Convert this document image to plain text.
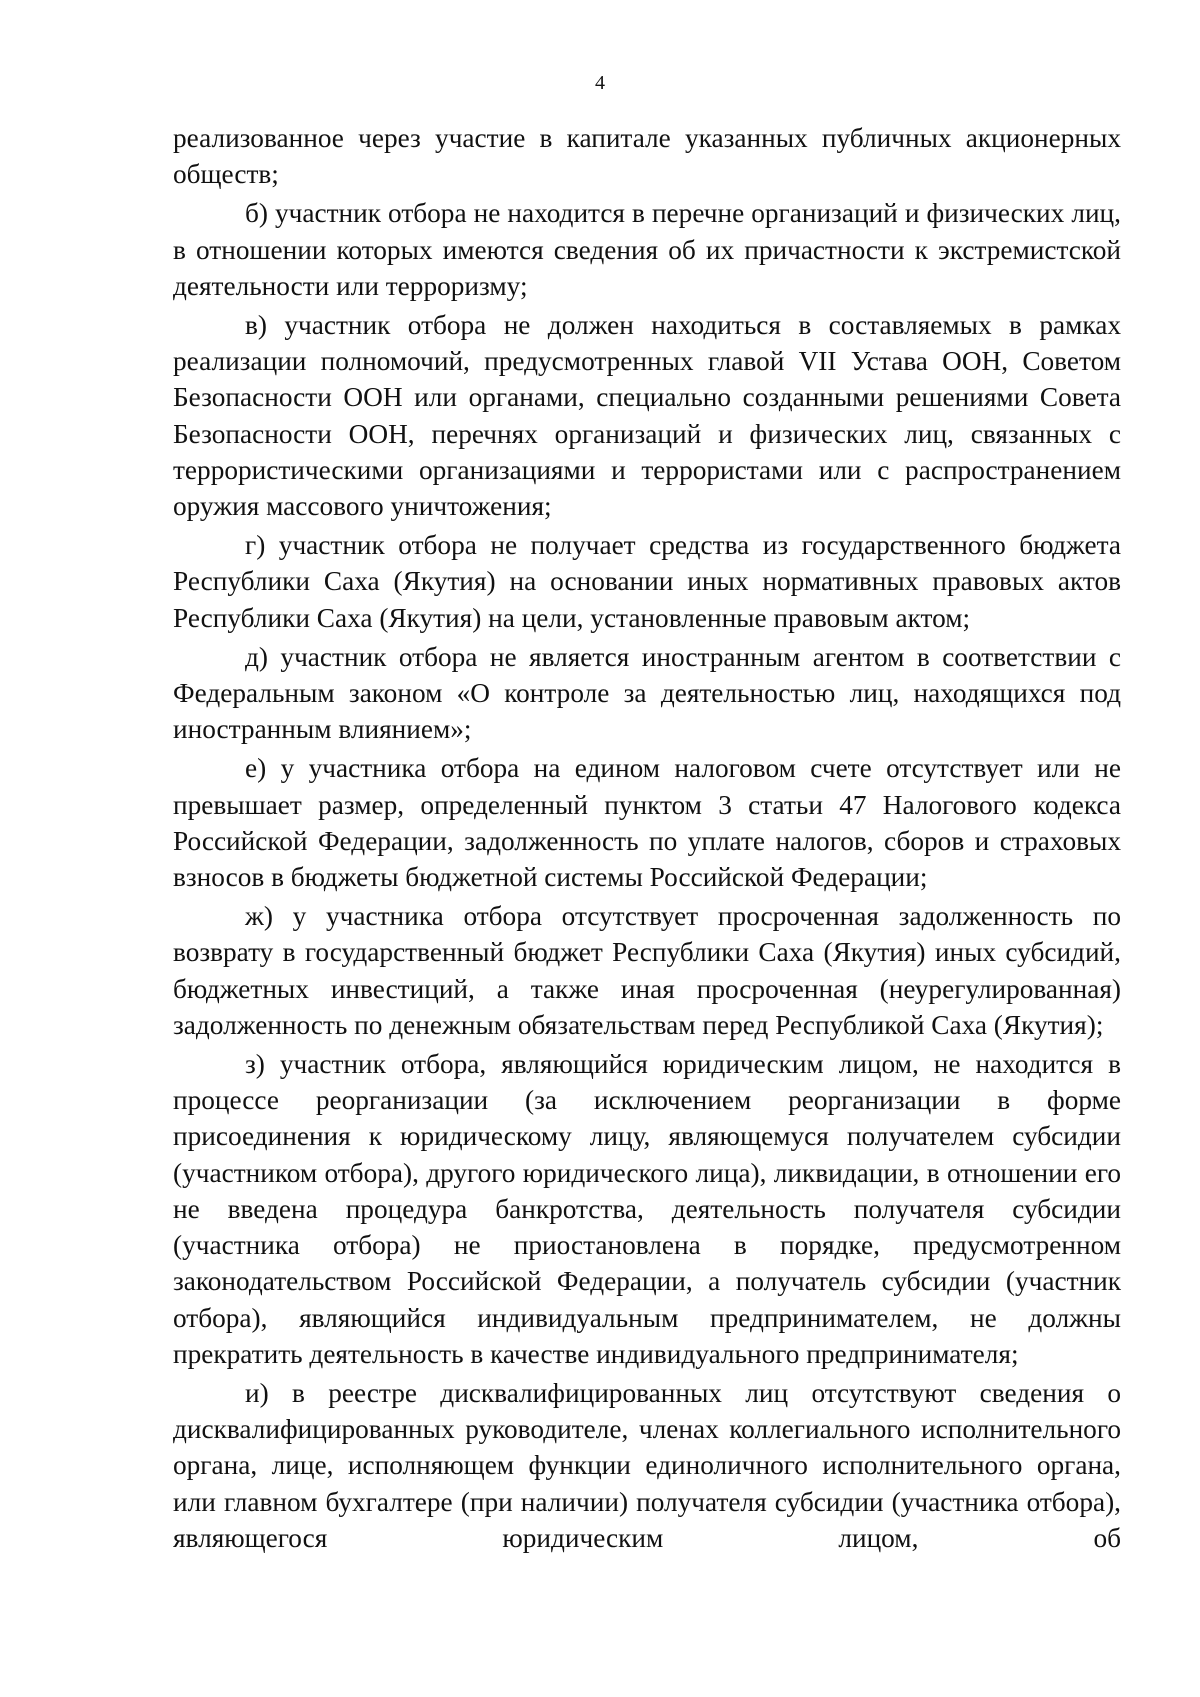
4

реализованное через участие в капитале указанных публичных акционерных обществ;

б) участник отбора не находится в перечне организаций и физических лиц, в отношении которых имеются сведения об их причастности к экстремистской деятельности или терроризму;

в) участник отбора не должен находиться в составляемых в рамках реализации полномочий, предусмотренных главой VII Устава ООН, Советом Безопасности ООН или органами, специально созданными решениями Совета Безопасности ООН, перечнях организаций и физических лиц, связанных с террористическими организациями и террористами или с распространением оружия массового уничтожения;

г) участник отбора не получает средства из государственного бюджета Республики Саха (Якутия) на основании иных нормативных правовых актов Республики Саха (Якутия) на цели, установленные правовым актом;

д) участник отбора не является иностранным агентом в соответствии с Федеральным законом «О контроле за деятельностью лиц, находящихся под иностранным влиянием»;

е) у участника отбора на едином налоговом счете отсутствует или не превышает размер, определенный пунктом 3 статьи 47 Налогового кодекса Российской Федерации, задолженность по уплате налогов, сборов и страховых взносов в бюджеты бюджетной системы Российской Федерации;

ж) у участника отбора отсутствует просроченная задолженность по возврату в государственный бюджет Республики Саха (Якутия) иных субсидий, бюджетных инвестиций, а также иная просроченная (неурегулированная) задолженность по денежным обязательствам перед Республикой Саха (Якутия);

з) участник отбора, являющийся юридическим лицом, не находится в процессе реорганизации (за исключением реорганизации в форме присоединения к юридическому лицу, являющемуся получателем субсидии (участником отбора), другого юридического лица), ликвидации, в отношении его не введена процедура банкротства, деятельность получателя субсидии (участника отбора) не приостановлена в порядке, предусмотренном законодательством Российской Федерации, а получатель субсидии (участник отбора), являющийся индивидуальным предпринимателем, не должны прекратить деятельность в качестве индивидуального предпринимателя;

и) в реестре дисквалифицированных лиц отсутствуют сведения о дисквалифицированных руководителе, членах коллегиального исполнительного органа, лице, исполняющем функции единоличного исполнительного органа, или главном бухгалтере (при наличии) получателя субсидии (участника отбора), являющегося юридическим лицом, об
